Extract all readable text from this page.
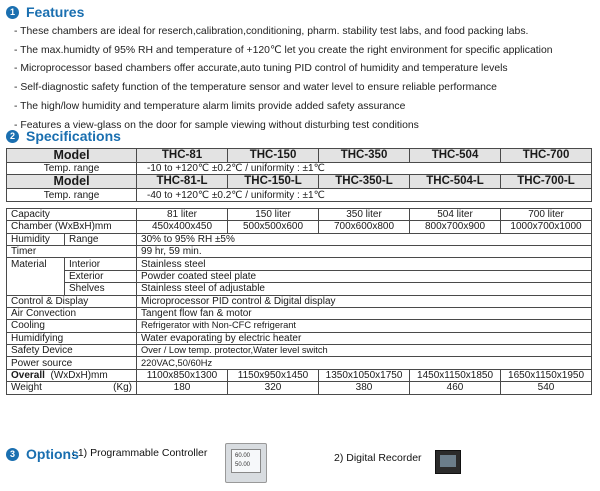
1 Features
- These chambers are ideal for reserch,calibration,conditioning, pharm. stability test labs, and food packing labs.
- The max.humidty of 95% RH and temperature of +120℃ let you create the right environment for specific application
- Microprocessor based chambers offer accurate,auto tuning PID control of humidity and temperature levels
- Self-diagnostic safety function of the temperature sensor and water level to ensure reliable performance
- The high/low humidity and temperature alarm limits provide added safety assurance
- Features a view-glass on the door for sample viewing without disturbing test conditions
2 Specifications
Model		THC-81	THC-150	THC-350	THC-504	THC-700
Temp. range		-10 to +120℃ ±0.2℃ / uniformity : ±1℃				
Model		THC-81-L	THC-150-L	THC-350-L	THC-504-L	THC-700-L
Temp. range		-40 to +120℃ ±0.2℃ / uniformity : ±1℃				

Capacity		81 liter	150 liter	350 liter	504 liter	700 liter
Chamber (WxBxH)mm		450x400x450	500x500x600	700x600x800	800x700x900	1000x700x1000
Humidity	Range	30% to 95% RH ±5%				
Timer		99 hr, 59 min.				
Material	Interior	Stainless steel				
	Exterior	Powder coated steel plate				
	Shelves	Stainless steel of adjustable				
Control & Display		Microprocessor PID control & Digital display				
Air Convection		Tangent flow fan & motor				
Cooling		Refrigerator with Non-CFC refrigerant				
Humidifying		Water evaporating by electric heater				
Safety Device		Over / Low temp. protector,Water level switch				
Power source		220VAC,50/60Hz				
Overall (WxDxH)mm		1100x850x1300	1150x950x1450	1350x1050x1750	1450x1150x1850	1650x1150x1950
Weight (Kg)		180	320	380	460	540
3 Options
: 1) Programmable Controller	60.00
50.00
2) Digital Recorder
